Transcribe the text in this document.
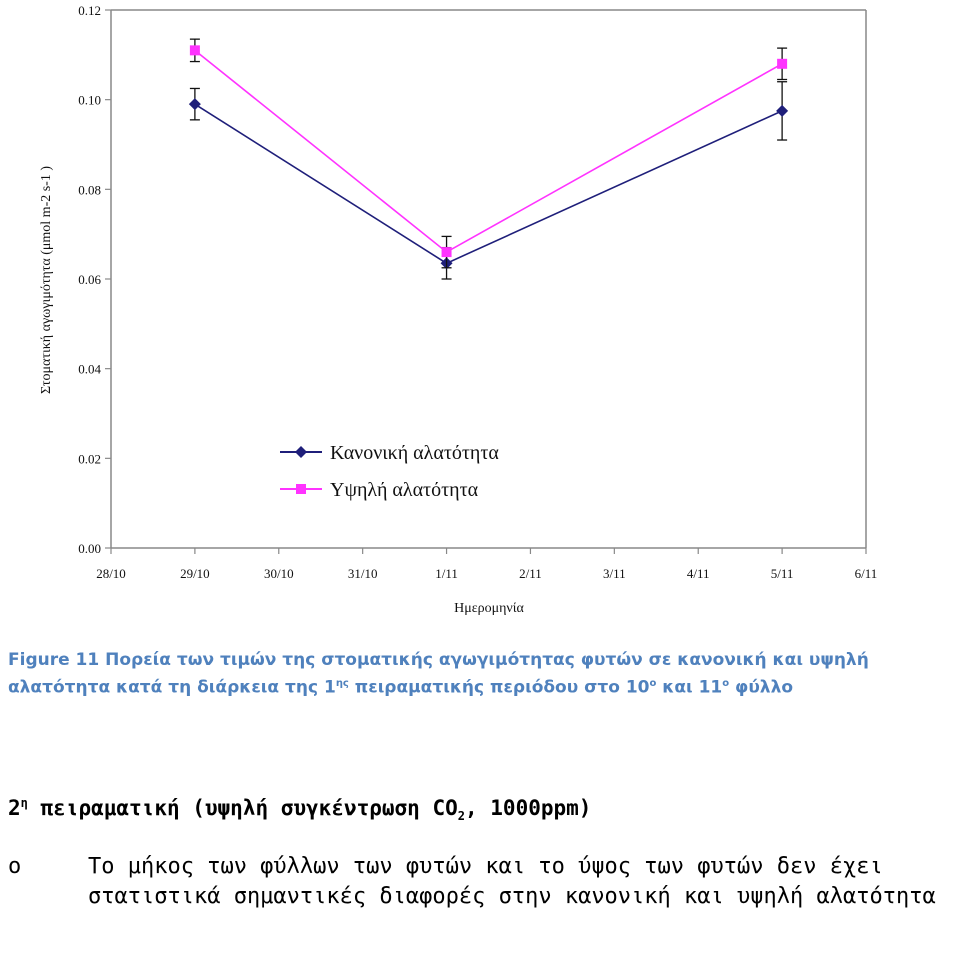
0.00
0.02
0.04
0.06
0.08
0.10
0.12
28/10	29/10	30/10	31/10	1/11	2/11	3/11	4/11	5/11	6/11
Ημερομηνία
Στοματική αγωγιμότητα (μmol m-2 s-1 )
Κανονική αλατότητα
Υψηλή αλατότητα
Figure 11 Πορεία των τιμών της στοματικής αγωγιμότητας φυτών σε κανονική και υψηλή αλατότητα κατά τη διάρκεια της $1^{\eta\varsigma}$ πειραματικής περιόδου στο $10^o$ και $11^o$ φύλλο
$2^\eta$ πειραματική (υψηλή συγκέντρωση $CO_2$, 1000ppm)
o	Το μήκος των φύλλων των φυτών και το ύψος των φυτών δεν έχει στατιστικά σημαντικές διαφορές στην κανονική και υψηλή αλατότητα
